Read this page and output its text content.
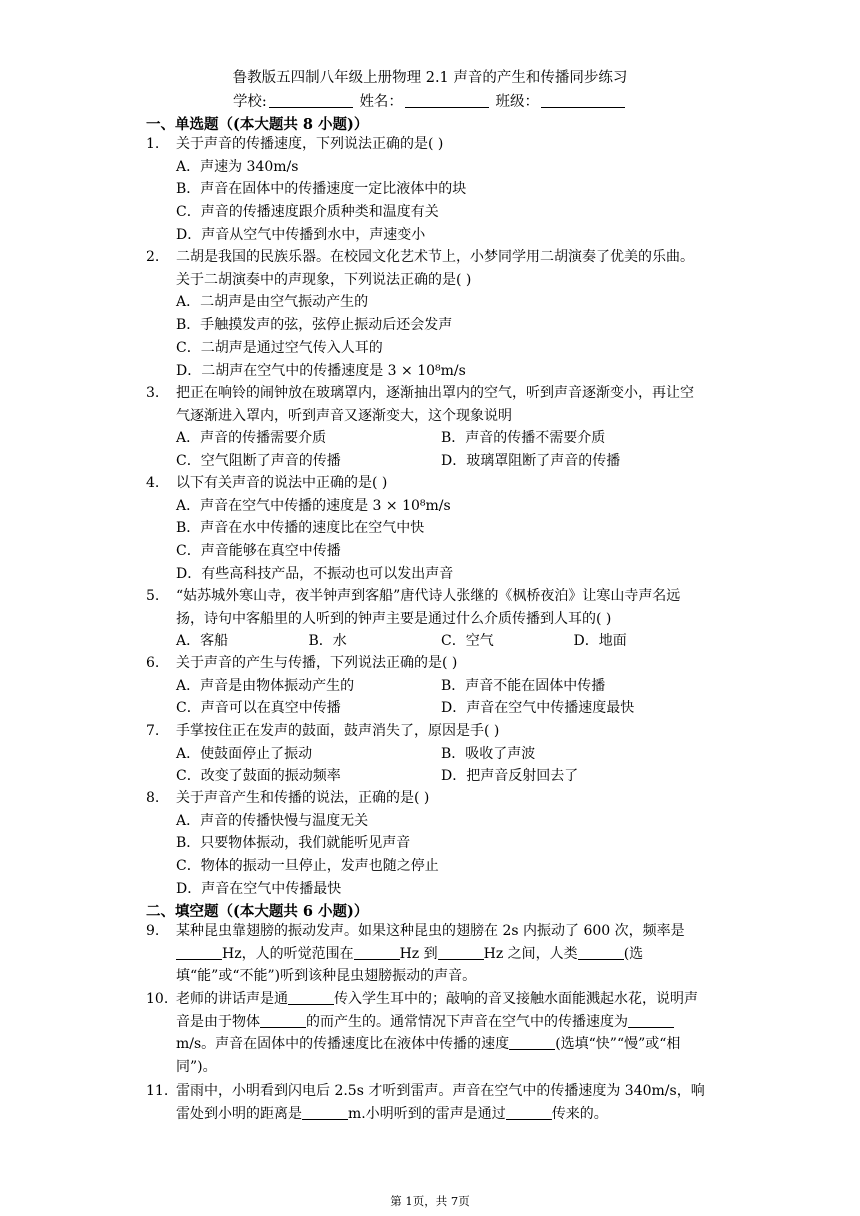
鲁教版五四制八年级上册物理 2.1 声音的产生和传播同步练习
学校:	姓名：	班级：
一、单选题（(本大题共 8 小题)）
1.	关于声音的传播速度，下列说法正确的是( )
A．声速为 340m/s
B．声音在固体中的传播速度一定比液体中的块
C．声音的传播速度跟介质种类和温度有关
D．声音从空气中传播到水中，声速变小
2.	二胡是我国的民族乐器。在校园文化艺术节上，小梦同学用二胡演奏了优美的乐曲。关于二胡演奏中的声现象，下列说法正确的是( )
A．二胡声是由空气振动产生的
B．手触摸发声的弦，弦停止振动后还会发声
C．二胡声是通过空气传入人耳的
D．二胡声在空气中的传播速度是 3 × 10⁸m/s
3.	把正在响铃的闹钟放在玻璃罩内，逐渐抽出罩内的空气，听到声音逐渐变小，再让空气逐渐进入罩内，听到声音又逐渐变大，这个现象说明
A．声音的传播需要介质	B．声音的传播不需要介质
C．空气阻断了声音的传播	D．玻璃罩阻断了声音的传播
4.	以下有关声音的说法中正确的是( )
A．声音在空气中传播的速度是 3 × 10⁸m/s
B．声音在水中传播的速度比在空气中快
C．声音能够在真空中传播
D．有些高科技产品，不振动也可以发出声音
5.	“姑苏城外寒山寺，夜半钟声到客船”唐代诗人张继的《枫桥夜泊》让寒山寺声名远扬，诗句中客船里的人听到的钟声主要是通过什么介质传播到人耳的( )
A．客船	B．水	C．空气	D．地面
6.	关于声音的产生与传播，下列说法正确的是( )
A．声音是由物体振动产生的	B．声音不能在固体中传播
C．声音可以在真空中传播	D．声音在空气中传播速度最快
7.	手掌按住正在发声的鼓面，鼓声消失了，原因是手( )
A．使鼓面停止了振动	B．吸收了声波
C．改变了鼓面的振动频率	D．把声音反射回去了
8.	关于声音产生和传播的说法，正确的是( )
A．声音的传播快慢与温度无关
B．只要物体振动，我们就能听见声音
C．物体的振动一旦停止，发声也随之停止
D．声音在空气中传播最快
二、填空题（(本大题共 6 小题)）
9.	某种昆虫靠翅膀的振动发声。如果这种昆虫的翅膀在 2s 内振动了 600 次，频率是Hz，人的听觉范围在	Hz 到	Hz 之间，人类	(选填“能”或“不能”)听到该种昆虫翅膀振动的声音。
10. 老师的讲话声是通	传入学生耳中的；敲响的音叉接触水面能溅起水花，说明声音是由于物体	的而产生的。通常情况下声音在空气中的传播速度为m/s。声音在固体中的传播速度比在液体中传播的速度	(选填“快”“慢”或“相同”)。
11. 雷雨中，小明看到闪电后 2.5s 才听到雷声。声音在空气中的传播速度为 340m/s，响雷处到小明的距离是	m.小明听到的雷声是通过	传来的。
第 1页，共 7页
